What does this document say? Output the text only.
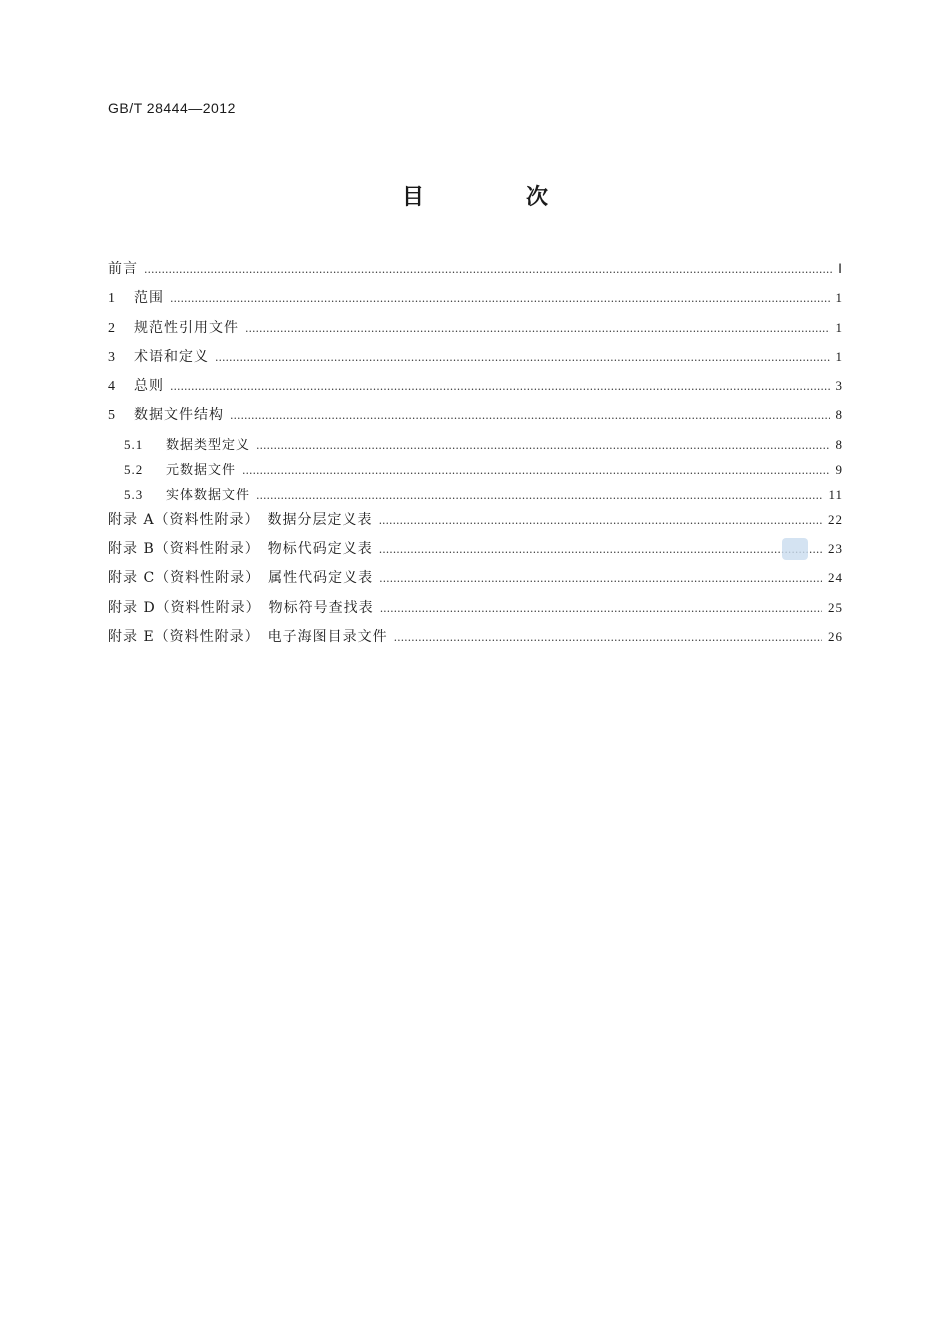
GB/T 28444—2012
目　次
前言 .....	Ⅰ
1	范围 .....	1
2	规范性引用文件 .....	1
3	术语和定义 .....	1
4	总则 .....	3
5	数据文件结构 .....	8
5.1	数据类型定义 .....	8
5.2	元数据文件 .....	9
5.3	实体数据文件 .....	11
附录 A（资料性附录）　数据分层定义表 .....	22
附录 B（资料性附录）　物标代码定义表 .....	23
附录 C（资料性附录）　属性代码定义表 .....	24
附录 D（资料性附录）　物标符号查找表 .....	25
附录 E（资料性附录）　电子海图目录文件 .....	26
